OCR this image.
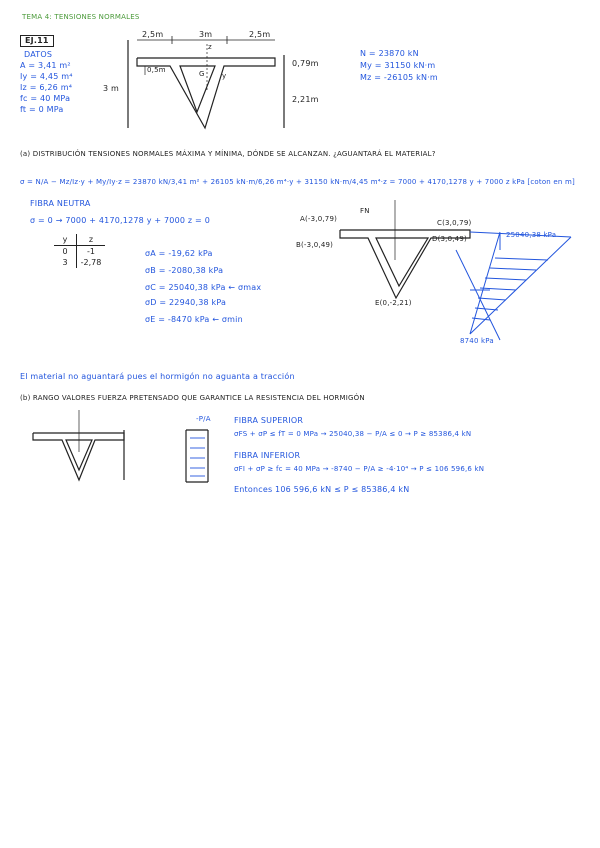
TEMA 4: TENSIONES NORMALES
EJ.11
DATOS
A = 3,41 m²
Iy = 4,45 m⁴
Iz = 6,26 m⁴
fc = 40 MPa
ft = 0 MPa
2,5m	3m	2,5m
3 m
0,79m
2,21m
0,5m
y
z
G
N = 23870 kN
My = 31150 kN·m
Mz = -26105 kN·m
(a) DISTRIBUCIÓN TENSIONES NORMALES MÁXIMA Y MÍNIMA, DÓNDE SE ALCANZAN. ¿AGUANTARÁ EL MATERIAL?
σ = N/A − Mz/Iz·y + My/Iy·z = 23870 kN/3,41 m² + 26105 kN·m/6,26 m⁴·y + 31150 kN·m/4,45 m⁴·z = 7000 + 4170,1278 y + 7000 z kPa [coton en m]
FIBRA NEUTRA
σ = 0 → 7000 + 4170,1278 y + 7000 z = 0
y	z
0	-1
3	-2,78
σA = -19,62 kPa
σB = -2080,38 kPa
σC = 25040,38 kPa ← σmax
σD = 22940,38 kPa
σE = -8470 kPa ← σmin
A(-3,0,79)
B(-3,0,49)
C(3,0,79)
D(3,0,49)
E(0,-2,21)
FN
25040,38 kPa
8740 kPa
El material no aguantará pues el hormigón no aguanta a tracción
(b) RANGO VALORES FUERZA PRETENSADO QUE GARANTICE LA RESISTENCIA DEL HORMIGÓN
-P/A	FIBRA SUPERIOR
σFS + σP ≤ fT = 0 MPa → 25040,38 − P/A ≤ 0 → P ≥ 85386,4 kN
FIBRA INFERIOR
σFI + σP ≥ fc = 40 MPa → -8740 − P/A ≥ -4·10⁴ → P ≤ 106 596,6 kN
Entonces 106 596,6 kN ≤ P ≤ 85386,4 kN
